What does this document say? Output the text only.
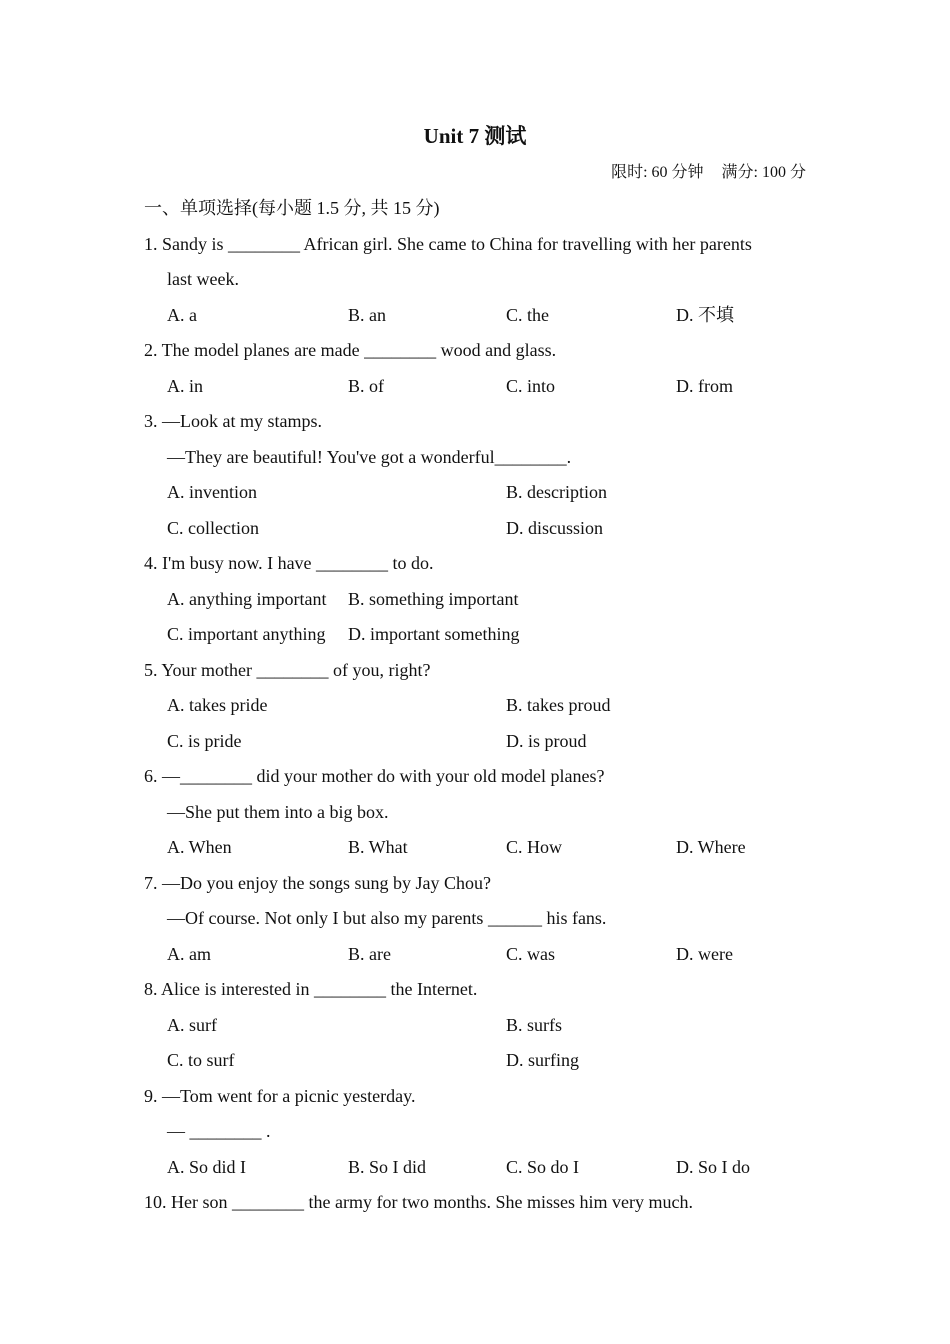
Unit 7 测试
限时: 60 分钟 满分: 100 分
一、单项选择(每小题 1.5 分, 共 15 分)
1. Sandy is ________ African girl. She came to China for travelling with her parents
last week.
A. a	B. an	C. the	D. 不填
2. The model planes are made ________ wood and glass.
A. in	B. of	C. into	D. from
3. —Look at my stamps.
—They are beautiful! You've got a wonderful________.
A. invention	B. description
C. collection	D. discussion
4. I'm busy now. I have ________ to do.
A. anything important B. something important
C. important anything D. important something
5. Your mother ________ of you, right?
A. takes pride	B. takes proud
C. is pride	D. is proud
6. —________ did your mother do with your old model planes?
—She put them into a big box.
A. When	B. What	C. How	D. Where
7. —Do you enjoy the songs sung by Jay Chou?
—Of course. Not only I but also my parents ______ his fans.
A. am	B. are	C. was	D. were
8. Alice is interested in ________ the Internet.
A. surf	B. surfs
C. to surf	D. surfing
9. —Tom went for a picnic yesterday.
— ________ .
A. So did I	B. So I did	C. So do I	D. So I do
10. Her son ________ the army for two months. She misses him very much.
